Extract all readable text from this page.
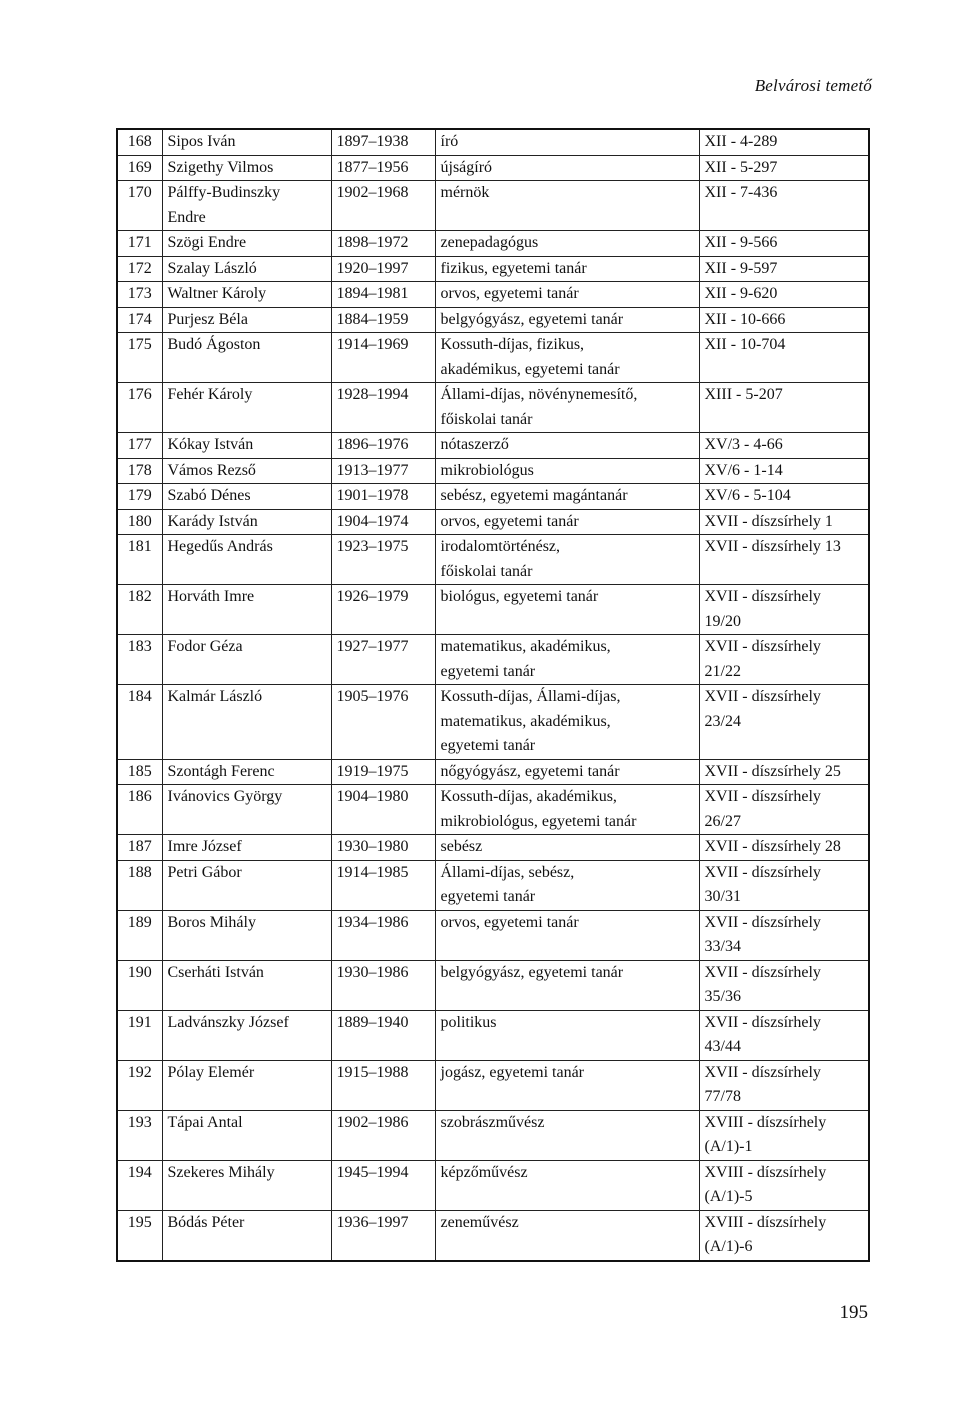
Belvárosi temető
168	Sipos Iván	1897–1938	író	XII - 4-289
169	Szigethy Vilmos	1877–1956	újságíró	XII - 5-297
170	Pálffy-Budinszky
Endre	1902–1968	mérnök	XII - 7-436
171	Szögi Endre	1898–1972	zenepadagógus	XII - 9-566
172	Szalay László	1920–1997	fizikus, egyetemi tanár	XII - 9-597
173	Waltner Károly	1894–1981	orvos, egyetemi tanár	XII - 9-620
174	Purjesz Béla	1884–1959	belgyógyász, egyetemi tanár	XII - 10-666
175	Budó Ágoston	1914–1969	Kossuth-díjas, fizikus,
akadémikus, egyetemi tanár	XII - 10-704
176	Fehér Károly	1928–1994	Állami-díjas, növénynemesítő,
főiskolai tanár	XIII - 5-207
177	Kókay István	1896–1976	nótaszerző	XV/3 - 4-66
178	Vámos Rezső	1913–1977	mikrobiológus	XV/6 - 1-14
179	Szabó Dénes	1901–1978	sebész, egyetemi magántanár	XV/6 - 5-104
180	Karády István	1904–1974	orvos, egyetemi tanár	XVII - díszsírhely 1
181	Hegedűs András	1923–1975	irodalomtörténész,
főiskolai tanár	XVII - díszsírhely 13
182	Horváth Imre	1926–1979	biológus, egyetemi tanár	XVII - díszsírhely
19/20
183	Fodor Géza	1927–1977	matematikus, akadémikus,
egyetemi tanár	XVII - díszsírhely
21/22
184	Kalmár László	1905–1976	Kossuth-díjas, Állami-díjas,
matematikus, akadémikus,
egyetemi tanár	XVII - díszsírhely
23/24
185	Szontágh Ferenc	1919–1975	nőgyógyász, egyetemi tanár	XVII - díszsírhely 25
186	Ivánovics György	1904–1980	Kossuth-díjas, akadémikus,
mikrobiológus, egyetemi tanár	XVII - díszsírhely
26/27
187	Imre József	1930–1980	sebész	XVII - díszsírhely 28
188	Petri Gábor	1914–1985	Állami-díjas, sebész,
egyetemi tanár	XVII - díszsírhely
30/31
189	Boros Mihály	1934–1986	orvos, egyetemi tanár	XVII - díszsírhely
33/34
190	Cserháti István	1930–1986	belgyógyász, egyetemi tanár	XVII - díszsírhely
35/36
191	Ladvánszky József	1889–1940	politikus	XVII - díszsírhely
43/44
192	Pólay Elemér	1915–1988	jogász, egyetemi tanár	XVII - díszsírhely
77/78
193	Tápai Antal	1902–1986	szobrászművész	XVIII - díszsírhely
(A/1)-1
194	Szekeres Mihály	1945–1994	képzőművész	XVIII - díszsírhely
(A/1)-5
195	Bódás Péter	1936–1997	zeneművész	XVIII - díszsírhely
(A/1)-6
195
